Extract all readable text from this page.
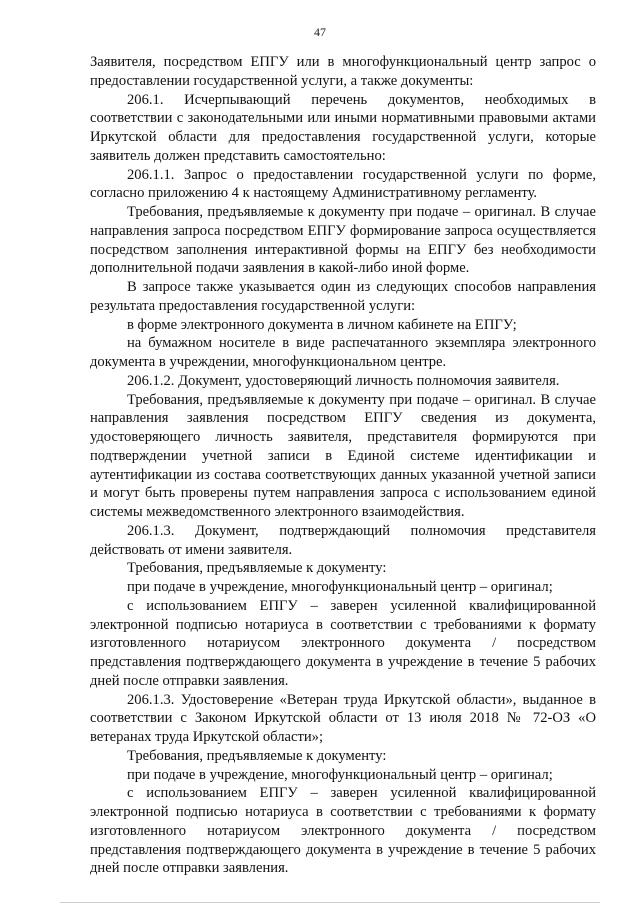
47

Заявителя, посредством ЕПГУ или в многофункциональный центр запрос о предоставлении государственной услуги, а также документы:

206.1. Исчерпывающий перечень документов, необходимых в соответствии с законодательными или иными нормативными правовыми актами Иркутской области для предоставления государственной услуги, которые заявитель должен представить самостоятельно:

206.1.1. Запрос о предоставлении государственной услуги по форме, согласно приложению 4 к настоящему Административному регламенту.

Требования, предъявляемые к документу при подаче – оригинал. В случае направления запроса посредством ЕПГУ формирование запроса осуществляется посредством заполнения интерактивной формы на ЕПГУ без необходимости дополнительной подачи заявления в какой-либо иной форме.

В запросе также указывается один из следующих способов направления результата предоставления государственной услуги:

в форме электронного документа в личном кабинете на ЕПГУ;

на бумажном носителе в виде распечатанного экземпляра электронного документа в учреждении, многофункциональном центре.

206.1.2. Документ, удостоверяющий личность полномочия заявителя.

Требования, предъявляемые к документу при подаче – оригинал. В случае направления заявления посредством ЕПГУ сведения из документа, удостоверяющего личность заявителя, представителя формируются при подтверждении учетной записи в Единой системе идентификации и аутентификации из состава соответствующих данных указанной учетной записи и могут быть проверены путем направления запроса с использованием единой системы межведомственного электронного взаимодействия.

206.1.3. Документ, подтверждающий полномочия представителя действовать от имени заявителя.

Требования, предъявляемые к документу:

при подаче в учреждение, многофункциональный центр – оригинал;

с использованием ЕПГУ – заверен усиленной квалифицированной электронной подписью нотариуса в соответствии с требованиями к формату изготовленного нотариусом электронного документа / посредством представления подтверждающего документа в учреждение в течение 5 рабочих дней после отправки заявления.

206.1.3. Удостоверение «Ветеран труда Иркутской области», выданное в соответствии с Законом Иркутской области от 13 июля 2018 № 72-ОЗ «О ветеранах труда Иркутской области»;

Требования, предъявляемые к документу:

при подаче в учреждение, многофункциональный центр – оригинал;

с использованием ЕПГУ – заверен усиленной квалифицированной электронной подписью нотариуса в соответствии с требованиями к формату изготовленного нотариусом электронного документа / посредством представления подтверждающего документа в учреждение в течение 5 рабочих дней после отправки заявления.
